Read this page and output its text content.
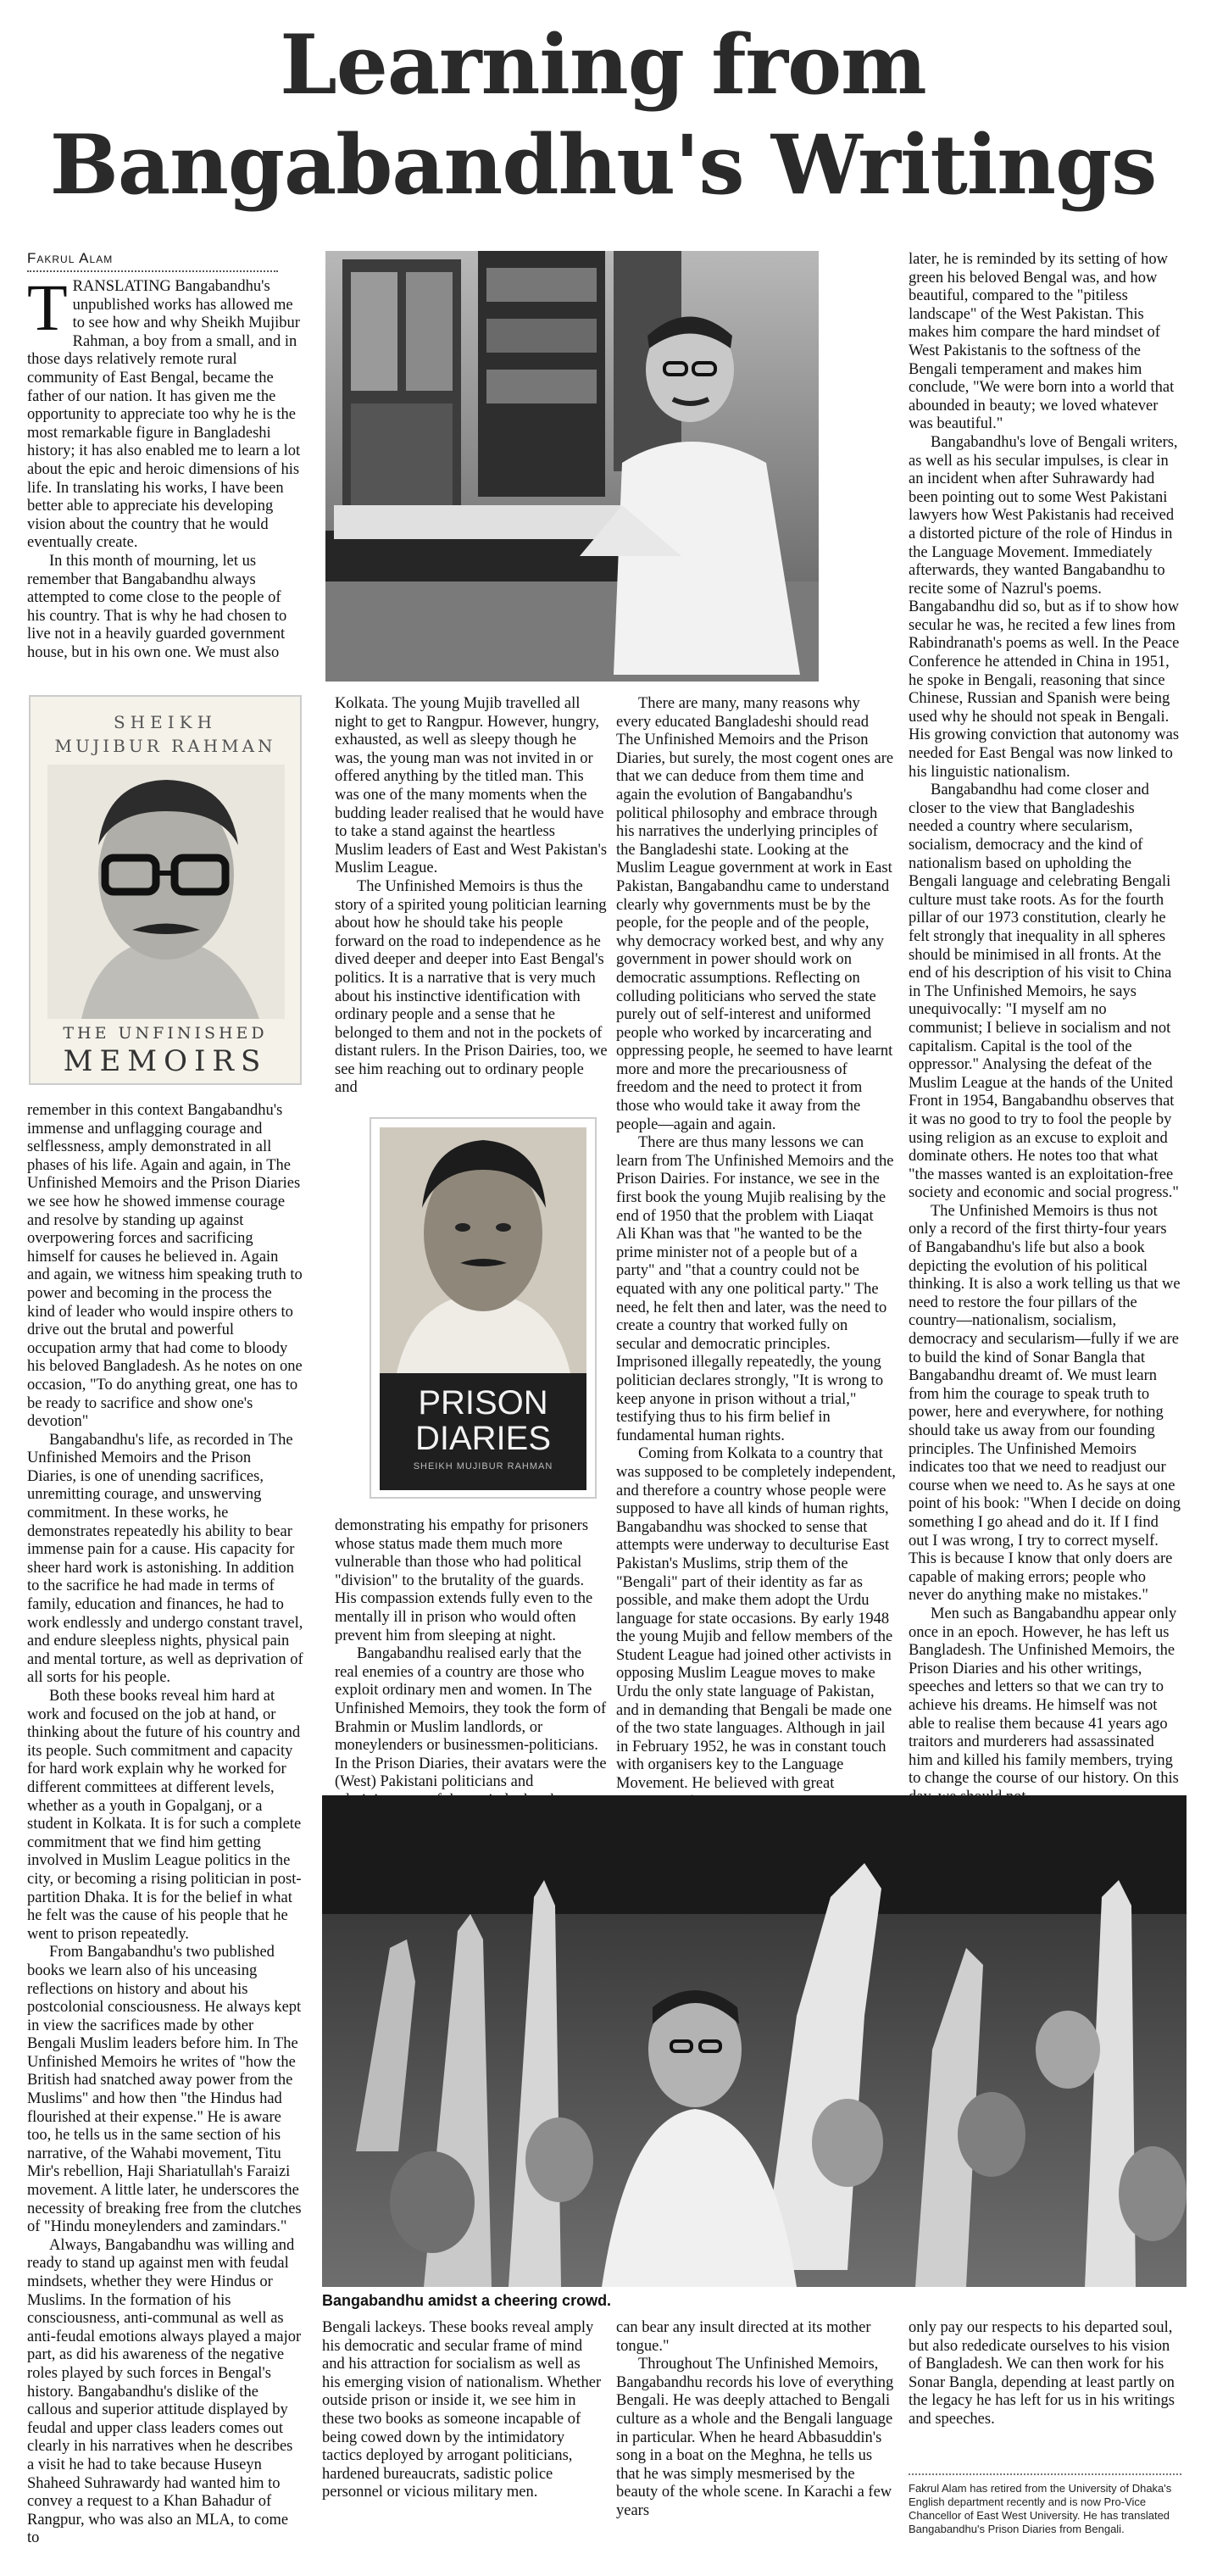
Learning from
Bangabandhu's Writings
Fakrul Alam

TRANSLATING Bangabandhu's unpublished works has allowed me to see how and why Sheikh Mujibur Rahman, a boy from a small, and in those days relatively remote rural community of East Bengal, became the father of our nation. It has given me the opportunity to appreciate too why he is the most remarkable figure in Bangladeshi history; it has also enabled me to learn a lot about the epic and heroic dimensions of his life. In translating his works, I have been better able to appreciate his developing vision about the country that he would eventually create.

In this month of mourning, let us remember that Bangabandhu always attempted to come close to the people of his country. That is why he had chosen to live not in a heavily guarded government house, but in his own one. We must also

later, he is reminded by its setting of how green his beloved Bengal was, and how beautiful, compared to the "pitiless landscape" of the West Pakistan. This makes him compare the hard mindset of West Pakistanis to the softness of the Bengali temperament and makes him conclude, "We were born into a world that abounded in beauty; we loved whatever was beautiful."

Bangabandhu's love of Bengali writers, as well as his secular impulses, is clear in an incident when after Suhrawardy had been pointing out to some West Pakistani lawyers how West Pakistanis had received a distorted picture of the role of Hindus in the Language Movement. Immediately afterwards, they wanted Bangabandhu to recite some of Nazrul's poems. Bangabandhu did so, but as if to show how secular he was, he recited a few lines from Rabindranath's poems as well. In the Peace Conference he attended in China in 1951, he spoke in Bengali, reasoning that since Chinese, Russian and Spanish were being used why he should not speak in Bengali. His growing conviction that autonomy was needed for East Bengal was now linked to his linguistic nationalism.

Bangabandhu had come closer and closer to the view that Bangladeshis needed a country where secularism, socialism, democracy and the kind of nationalism based on upholding the Bengali language and celebrating Bengali culture must take roots. As for the fourth pillar of our 1973 constitution, clearly he felt strongly that inequality in all spheres should be minimised in all fronts. At the end of his description of his visit to China in The Unfinished Memoirs, he says unequivocally: "I myself am no communist; I believe in socialism and not capitalism. Capital is the tool of the oppressor." Analysing the defeat of the Muslim League at the hands of the United Front in 1954, Bangabandhu observes that it was no good to try to fool the people by using religion as an excuse to exploit and dominate others. He notes too that what "the masses wanted is an exploitation-free society and economic and social progress."

The Unfinished Memoirs is thus not only a record of the first thirty-four years of Bangabandhu's life but also a book depicting the evolution of his political thinking. It is also a work telling us that we need to restore the four pillars of the country—nationalism, socialism, democracy and secularism—fully if we are to build the kind of Sonar Bangla that Bangabandhu dreamt of. We must learn from him the courage to speak truth to power, here and everywhere, for nothing should take us away from our founding principles. The Unfinished Memoirs indicates too that we need to readjust our course when we need to. As he says at one point of his book: "When I decide on doing something I go ahead and do it. If I find out I was wrong, I try to correct myself. This is because I know that only doers are capable of making errors; people who never do anything make no mistakes."

Men such as Bangabandhu appear only once in an epoch. However, he has left us Bangladesh. The Unfinished Memoirs, the Prison Diaries and his other writings, speeches and letters so that we can try to achieve his dreams. He himself was not able to realise them because 41 years ago traitors and murderers had assassinated him and killed his family members, trying to change the course of our history. On this

SHEIKH
MUJIBUR RAHMAN
THE UNFINISHED
MEMOIRS

Kolkata. The young Mujib travelled all night to get to Rangpur. However, hungry, exhausted, as well as sleepy though he was, the young man was not invited in or offered anything by the titled man. This was one of the many moments when the budding leader realised that he would have to take a stand against the heartless Muslim leaders of East and West Pakistan's Muslim League.

The Unfinished Memoirs is thus the story of a spirited young politician learning about how he should take his people forward on the road to independence as he dived deeper and deeper into East Bengal's politics. It is a narrative that is very much about his instinctive identification with ordinary people and a sense that he belonged to them and not in the pockets of distant rulers. In the Prison Dairies, too, we see him reaching out to ordinary people and

There are many, many reasons why every educated Bangladeshi should read The Unfinished Memoirs and the Prison Diaries, but surely, the most cogent ones are that we can deduce from them time and again the evolution of Bangabandhu's political philosophy and embrace through his narratives the underlying principles of the Bangladeshi state. Looking at the Muslim League government at work in East Pakistan, Bangabandhu came to understand clearly why governments must be by the people, for the people and of the people, why democracy worked best, and why any government in power should work on democratic assumptions. Reflecting on colluding politicians who served the state purely out of self-interest and uniformed people who worked by incarcerating and oppressing people, he seemed to have learnt more and more the precariousness of freedom and the need to protect it from those who would take it away from the people—again and again.

There are thus many lessons we can learn from The Unfinished Memoirs and the Prison Dairies. For instance, we see in the first book the young Mujib realising by the end of 1950 that the problem with Liaqat Ali Khan was that "he wanted to be the prime minister not of a people but of a party" and "that a country could not be equated with any one political party." The need, he felt then and later, was the need to create a country that worked fully on secular and democratic principles. Imprisoned illegally repeatedly, the young politician declares strongly, "It is wrong to keep anyone in prison without a trial," testifying thus to his firm belief in fundamental human rights.

Coming from Kolkata to a country that was supposed to be completely independent, and therefore a country whose people were supposed to have all kinds of human rights, Bangabandhu was shocked to sense that attempts were underway to deculturise East Pakistan's Muslims, strip them of the "Bengali" part of their identity as far as possible, and make them adopt the Urdu language for state occasions. By early 1948 the young Mujib and fellow members of the Student League had joined other activists in opposing Muslim League moves to make Urdu the only state language of Pakistan, and in demanding that Bengali be made one of the two state languages. Although in jail in February 1952, he was in constant touch with organisers key to the Language Movement. He believed with great

remember in this context Bangabandhu's immense and unflagging courage and selflessness, amply demonstrated in all phases of his life. Again and again, in The Unfinished Memoirs and the Prison Diaries we see how he showed immense courage and resolve by standing up against overpowering forces and sacrificing himself for causes he believed in. Again and again, we witness him speaking truth to power and becoming in the process the kind of leader who would inspire others to drive out the brutal and powerful occupation army that had come to bloody his beloved Bangladesh. As he notes on one occasion, "To do anything great, one has to be ready to sacrifice and show one's devotion"

Bangabandhu's life, as recorded in The Unfinished Memoirs and the Prison Diaries, is one of unending sacrifices, unremitting courage, and unswerving commitment. In these works, he demonstrates repeatedly his ability to bear immense pain for a cause. His capacity for sheer hard work is astonishing. In addition to the sacrifice he had made in terms of family, education and finances, he had to work endlessly and undergo constant travel, and endure sleepless nights, physical pain and mental torture, as well as deprivation of all sorts for his people.

Both these books reveal him hard at work and focused on the job at hand, or thinking about the future of his country and its people. Such commitment and capacity for hard work explain why he worked for different committees at different levels, whether as a youth in Gopalganj, or a student in Kolkata. It is for such a complete commitment that we find him getting involved in Muslim League politics in the city, or becoming a rising politician in post-partition Dhaka. It is for the belief in what he felt was the cause of his people that he went to prison repeatedly.

From Bangabandhu's two published books we learn also of his unceasing reflections on history and about his postcolonial consciousness. He always kept in view the sacrifices made by other Bengali Muslim leaders before him. In The Unfinished Memoirs he writes of "how the British had snatched away power from the Muslims" and how then "the Hindus had flourished at their expense." He is aware too, he tells us in the same section of his narrative, of the Wahabi movement, Titu Mir's rebellion, Haji Shariatullah's Faraizi movement. A little later, he underscores the necessity of breaking free from the clutches of "Hindu moneylenders and zamindars."

Always, Bangabandhu was willing and ready to stand up against men with feudal mindsets, whether they were Hindus or Muslims. In the formation of his consciousness, anti-communal as well as anti-feudal emotions always played a major part, as did his awareness of the negative roles played by such forces in Bengal's history. Bangabandhu's dislike of the callous and superior attitude displayed by feudal and upper class leaders comes out clearly in his narratives when he describes a visit he had to take because Huseyn Shaheed Suhrawardy had wanted him to convey a request to a Khan Bahadur of Rangpur, who was also an MLA, to come to

PRISON
DIARIES
SHEIKH MUJIBUR RAHMAN

demonstrating his empathy for prisoners whose status made them much more vulnerable than those who had political "division" to the brutality of the guards. His compassion extends fully even to the mentally ill in prison who would often prevent him from sleeping at night.

Bangabandhu realised early that the real enemies of a country are those who exploit ordinary men and women. In The Unfinished Memoirs, they took the form of Brahmin or Muslim landlords, or moneylenders or businessmen-politicians. In the Prison Diaries, their avatars were the (West) Pakistani politicians and

Bangabandhu amidst a cheering crowd.

Bengali lackeys. These books reveal amply his democratic and secular frame of mind and his attraction for socialism as well as his emerging vision of nationalism. Whether outside prison or inside it, we see him in these two books as someone incapable of being cowed down by the intimidatory tactics deployed by arrogant politicians, hardened bureaucrats, sadistic police personnel or vicious military men.

can bear any insult directed at its mother tongue."

Throughout The Unfinished Memoirs, Bangabandhu records his love of everything Bengali. He was deeply attached to Bengali culture as a whole and the Bengali language in particular. When he heard Abbasuddin's song in a boat on the Meghna, he tells us that he was simply mesmerised by the beauty of the whole scene. In Karachi a few years

only pay our respects to his departed soul, but also rededicate ourselves to his vision of Bangladesh. We can then work for his Sonar Bangla, depending at least partly on the legacy he has left for us in his writings and speeches.

Fakrul Alam has retired from the University of Dhaka's English department recently and is now Pro-Vice Chancellor of East West University. He has translated Bangabandhu's Prison Diaries from Bengali.
